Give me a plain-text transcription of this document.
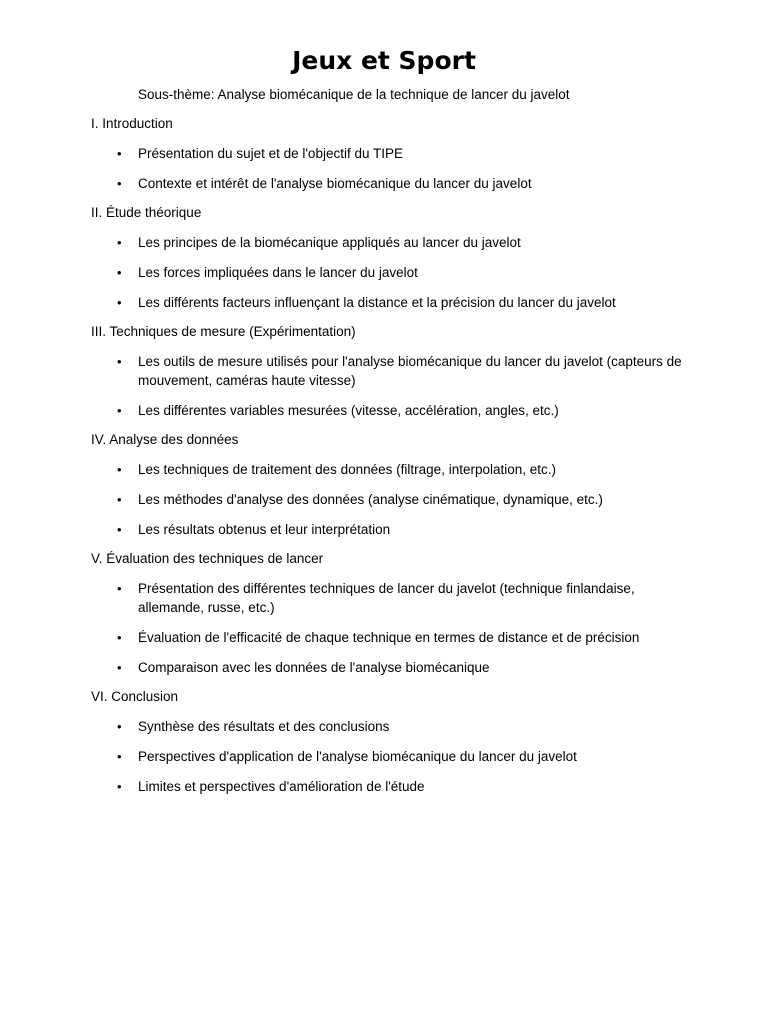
Jeux et Sport

Sous-thème: Analyse biomécanique de la technique de lancer du javelot

I. Introduction
• Présentation du sujet et de l'objectif du TIPE
• Contexte et intérêt de l'analyse biomécanique du lancer du javelot
II. Étude théorique
• Les principes de la biomécanique appliqués au lancer du javelot
• Les forces impliquées dans le lancer du javelot
• Les différents facteurs influençant la distance et la précision du lancer du javelot
III. Techniques de mesure (Expérimentation)
• Les outils de mesure utilisés pour l'analyse biomécanique du lancer du javelot (capteurs de mouvement, caméras haute vitesse)
• Les différentes variables mesurées (vitesse, accélération, angles, etc.)
IV. Analyse des données
• Les techniques de traitement des données (filtrage, interpolation, etc.)
• Les méthodes d'analyse des données (analyse cinématique, dynamique, etc.)
• Les résultats obtenus et leur interprétation
V. Évaluation des techniques de lancer
• Présentation des différentes techniques de lancer du javelot (technique finlandaise, allemande, russe, etc.)
• Évaluation de l'efficacité de chaque technique en termes de distance et de précision
• Comparaison avec les données de l'analyse biomécanique
VI. Conclusion
• Synthèse des résultats et des conclusions
• Perspectives d'application de l'analyse biomécanique du lancer du javelot
• Limites et perspectives d'amélioration de l'étude
